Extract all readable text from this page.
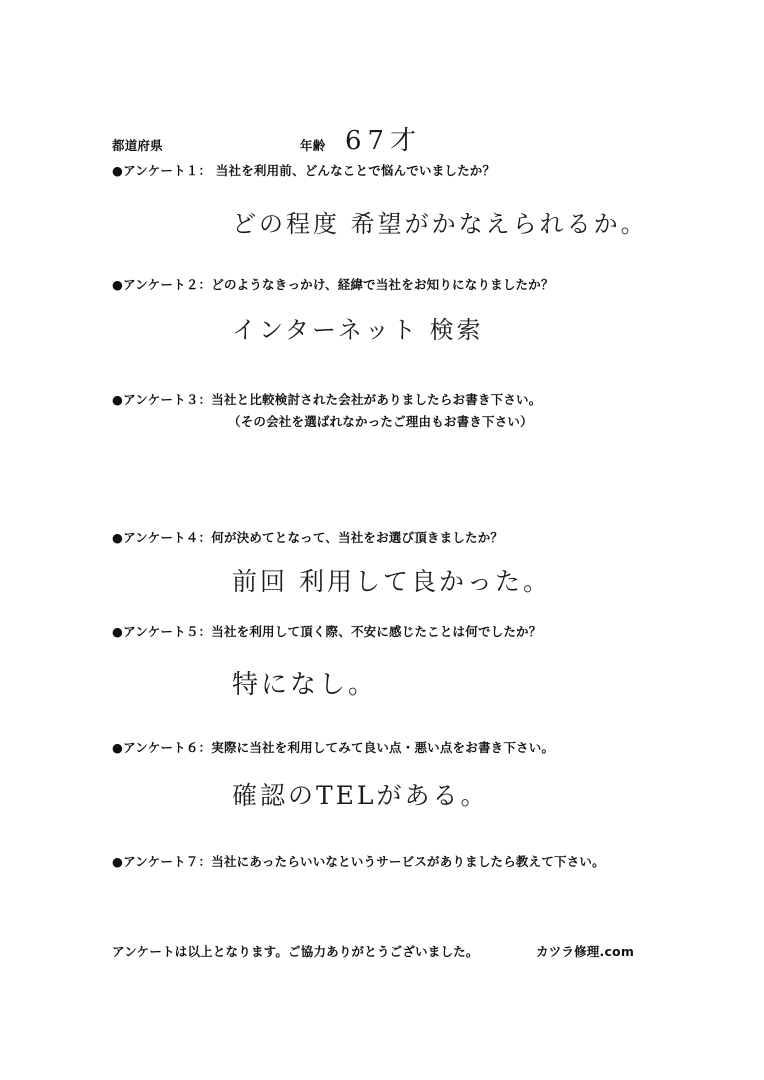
都道府県	年齢 67才
●アンケート１： 当社を利用前、どんなことで悩んでいましたか？
どの程度 希望がかなえられるか。
●アンケート２：どのようなきっかけ、経緯で当社をお知りになりましたか？
インターネット 検索
●アンケート３：当社と比較検討された会社がありましたらお書き下さい。
（その会社を選ばれなかったご理由もお書き下さい）
●アンケート４：何が決めてとなって、当社をお選び頂きましたか？
前回 利用して良かった。
●アンケート５：当社を利用して頂く際、不安に感じたことは何でしたか？
特になし。
●アンケート６：実際に当社を利用してみて良い点・悪い点をお書き下さい。
確認のTELがある。
●アンケート７：当社にあったらいいなというサービスがありましたら教えて下さい。
アンケートは以上となります。ご協力ありがとうございました。	カツラ修理.com
